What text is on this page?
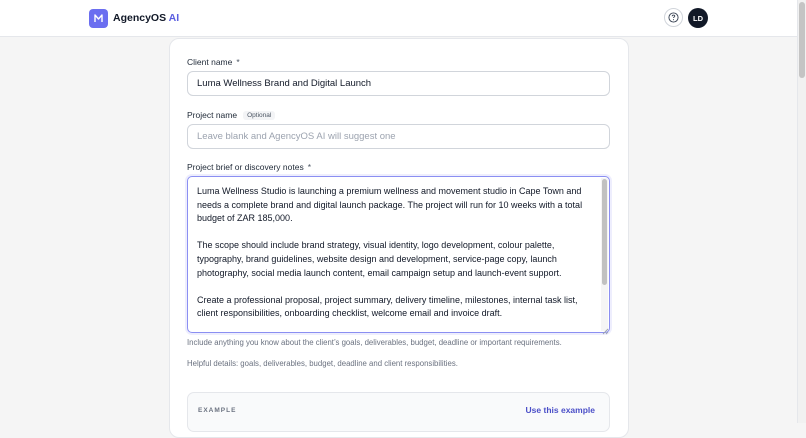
AgencyOS AI	LD
Client name *
Luma Wellness Brand and Digital Launch
Project name Optional
Leave blank and AgencyOS AI will suggest one
Project brief or discovery notes *

Luma Wellness Studio is launching a premium wellness and movement studio in Cape Town and needs a complete brand and digital launch package. The project will run for 10 weeks with a total budget of ZAR 185,000.

The scope should include brand strategy, visual identity, logo development, colour palette, typography, brand guidelines, website design and development, service-page copy, launch photography, social media launch content, email campaign setup and launch-event support.

Create a professional proposal, project summary, delivery timeline, milestones, internal task list, client responsibilities, onboarding checklist, welcome email and invoice draft.

Include anything you know about the client’s goals, deliverables, budget, deadline or important requirements.
Helpful details: goals, deliverables, budget, deadline and client responsibilities.
EXAMPLE	Use this example
